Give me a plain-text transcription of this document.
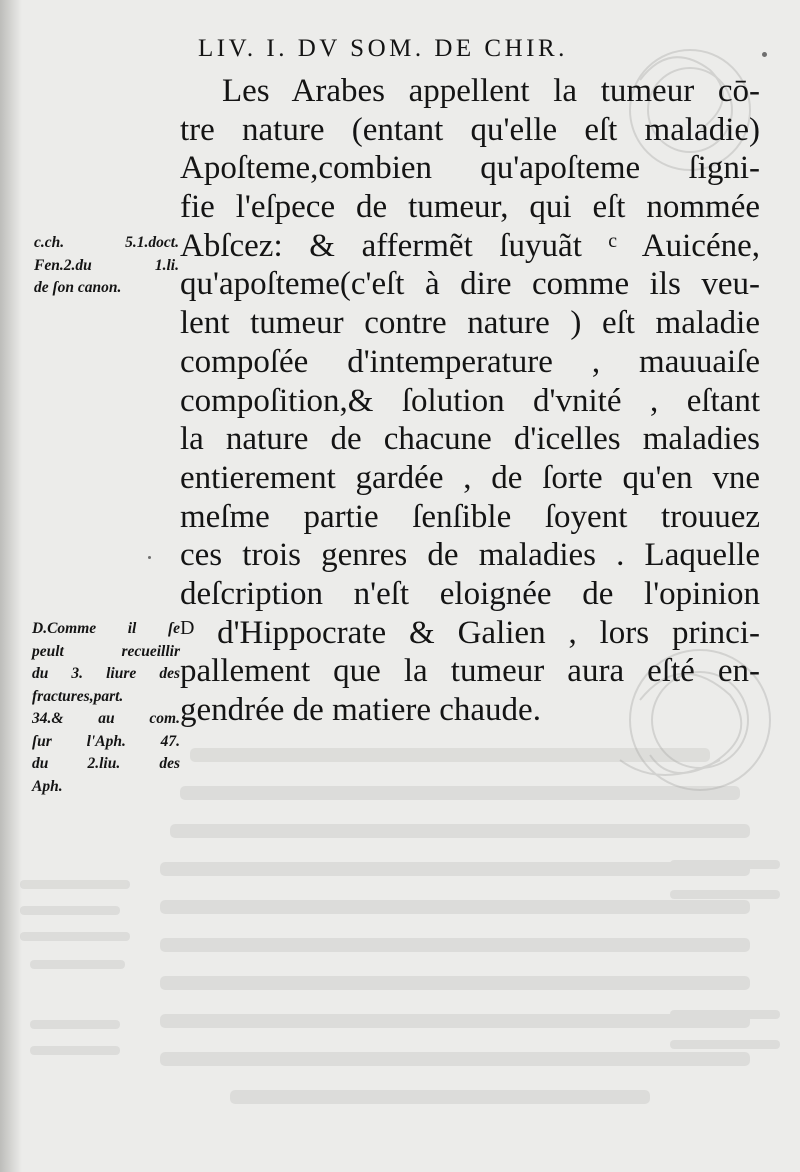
LIV. I. DV SOM. DE CHIR.
Les Arabes appellent la tumeur cō-
tre nature (entant qu'elle eſt maladie)
Apoſteme,combien qu'apoſteme ſigni-
fie l'eſpece de tumeur, qui eſt nommée
Abſcez: & affermẽt ſuyuãt ᶜ Auicéne,
qu'apoſteme(c'eſt à dire comme ils veu-
lent tumeur contre nature ) eſt maladie
compoſée d'intemperature , mauuaiſe
compoſition,& ſolution d'vnité , eſtant
la nature de chacune d'icelles maladies
entierement gardée , de ſorte qu'en vne
meſme partie ſenſible ſoyent trouuez
ces trois genres de maladies . Laquelle
deſcription n'eſt eloignée de l'opinion
ᴰ d'Hippocrate & Galien , lors princi-
pallement que la tumeur aura eſté en-
gendrée de matiere chaude.
c.ch. 5.1.doct.
Fen.2.du 1.li.
de ſon canon.
D.Comme il ſe
peult recueillir
du 3. liure des
fractures,part.
34.& au com.
ſur l'Aph. 47.
du 2.liu. des
Aph.
